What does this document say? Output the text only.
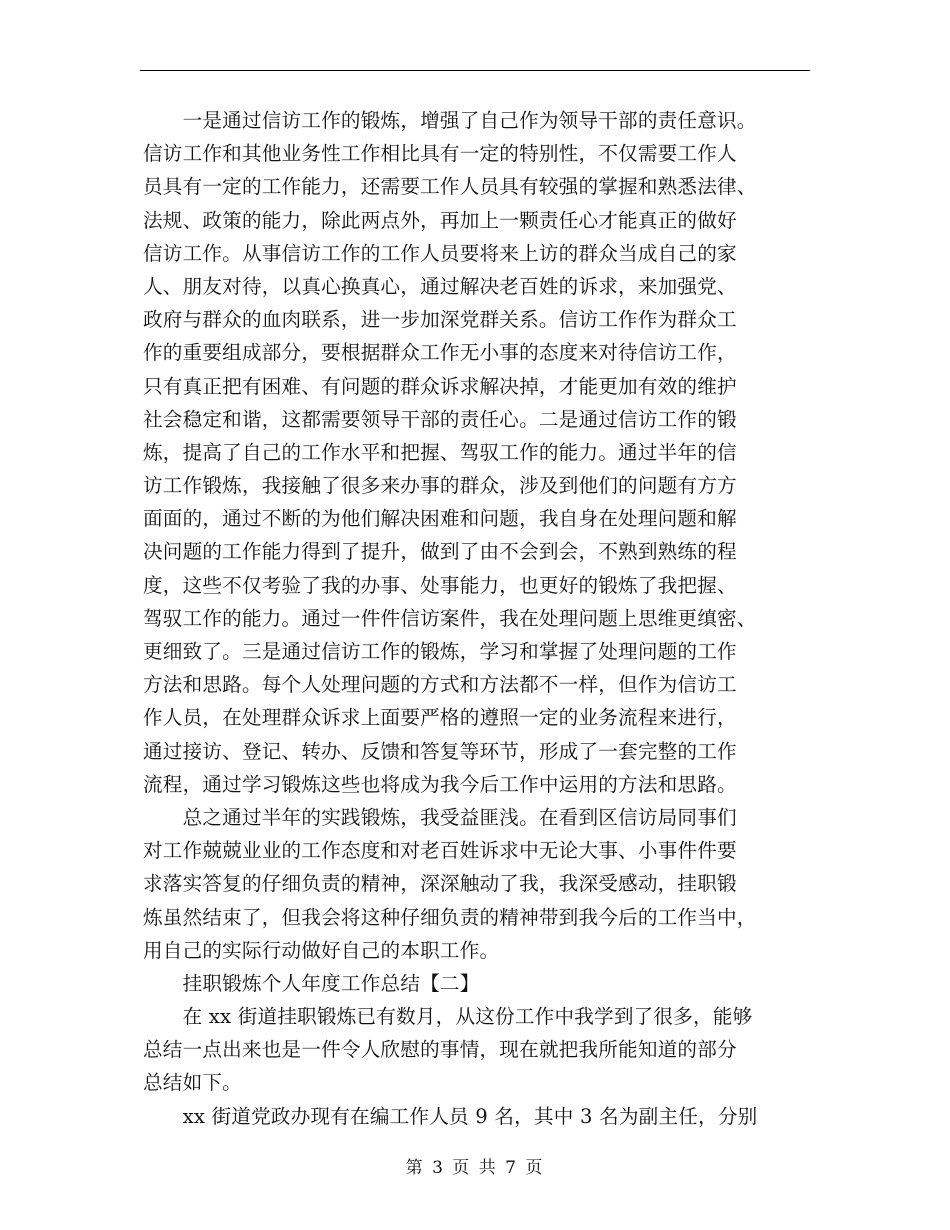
　　一是通过信访工作的锻炼，增强了自己作为领导干部的责任意识。
信访工作和其他业务性工作相比具有一定的特别性，不仅需要工作人
员具有一定的工作能力，还需要工作人员具有较强的掌握和熟悉法律、
法规、政策的能力，除此两点外，再加上一颗责任心才能真正的做好
信访工作。从事信访工作的工作人员要将来上访的群众当成自己的家
人、朋友对待，以真心换真心，通过解决老百姓的诉求，来加强党、
政府与群众的血肉联系，进一步加深党群关系。信访工作作为群众工
作的重要组成部分，要根据群众工作无小事的态度来对待信访工作，
只有真正把有困难、有问题的群众诉求解决掉，才能更加有效的维护
社会稳定和谐，这都需要领导干部的责任心。二是通过信访工作的锻
炼，提高了自己的工作水平和把握、驾驭工作的能力。通过半年的信
访工作锻炼，我接触了很多来办事的群众，涉及到他们的问题有方方
面面的，通过不断的为他们解决困难和问题，我自身在处理问题和解
决问题的工作能力得到了提升，做到了由不会到会，不熟到熟练的程
度，这些不仅考验了我的办事、处事能力，也更好的锻炼了我把握、
驾驭工作的能力。通过一件件信访案件，我在处理问题上思维更缜密、
更细致了。三是通过信访工作的锻炼，学习和掌握了处理问题的工作
方法和思路。每个人处理问题的方式和方法都不一样，但作为信访工
作人员，在处理群众诉求上面要严格的遵照一定的业务流程来进行，
通过接访、登记、转办、反馈和答复等环节，形成了一套完整的工作
流程，通过学习锻炼这些也将成为我今后工作中运用的方法和思路。
　　总之通过半年的实践锻炼，我受益匪浅。在看到区信访局同事们
对工作兢兢业业的工作态度和对老百姓诉求中无论大事、小事件件要
求落实答复的仔细负责的精神，深深触动了我，我深受感动，挂职锻
炼虽然结束了，但我会将这种仔细负责的精神带到我今后的工作当中，
用自己的实际行动做好自己的本职工作。
　　挂职锻炼个人年度工作总结【二】
　　在 xx 街道挂职锻炼已有数月，从这份工作中我学到了很多，能够
总结一点出来也是一件令人欣慰的事情，现在就把我所能知道的部分
总结如下。
　　xx 街道党政办现有在编工作人员 9 名，其中 3 名为副主任，分别
第 3 页 共 7 页
